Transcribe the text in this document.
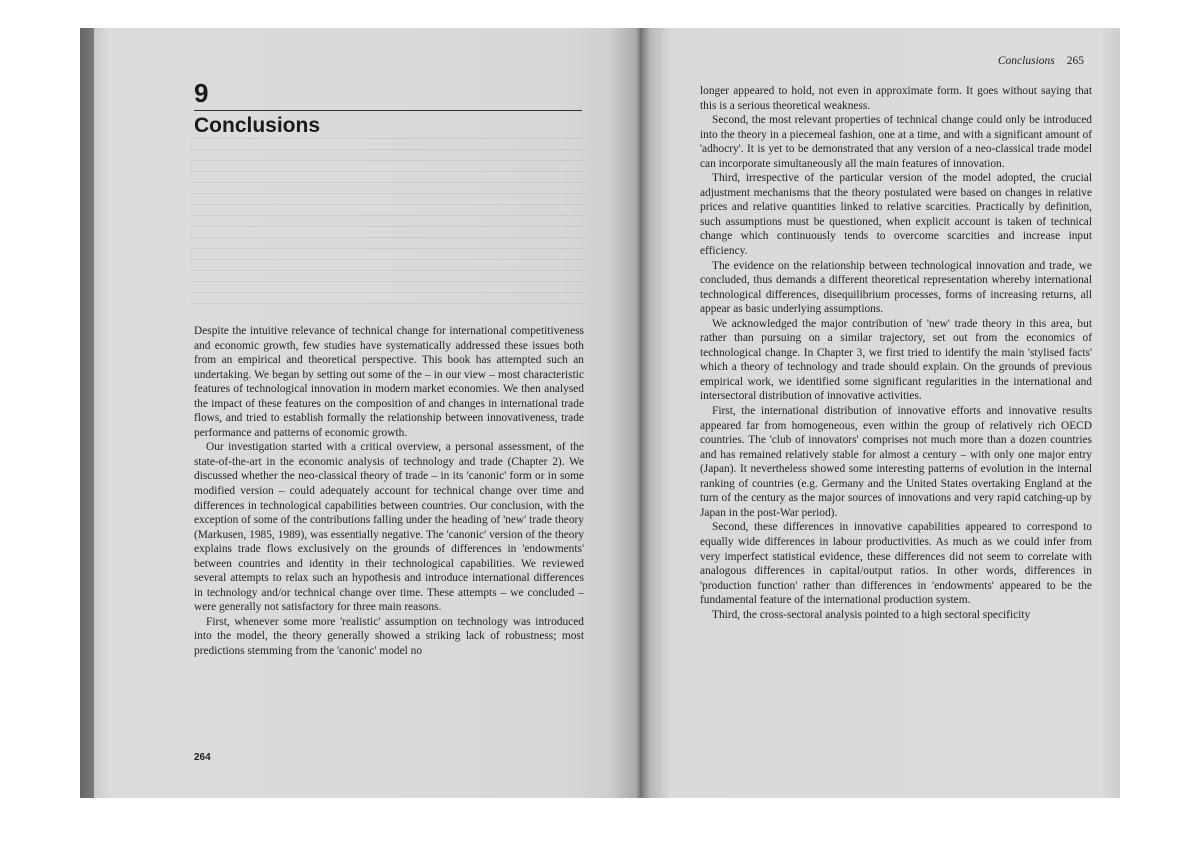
9
Conclusions

Despite the intuitive relevance of technical change for international competitiveness and economic growth, few studies have systematically addressed these issues both from an empirical and theoretical perspective. This book has attempted such an undertaking. We began by setting out some of the – in our view – most characteristic features of technological innovation in modern market economies. We then analysed the impact of these features on the composition of and changes in international trade flows, and tried to establish formally the relationship between innovativeness, trade performance and patterns of economic growth.

Our investigation started with a critical overview, a personal assessment, of the state-of-the-art in the economic analysis of technology and trade (Chapter 2). We discussed whether the neo-classical theory of trade – in its 'canonic' form or in some modified version – could adequately account for technical change over time and differences in technological capabilities between countries. Our conclusion, with the exception of some of the contributions falling under the heading of 'new' trade theory (Markusen, 1985, 1989), was essentially negative. The 'canonic' version of the theory explains trade flows exclusively on the grounds of differences in 'endowments' between countries and identity in their technological capabilities. We reviewed several attempts to relax such an hypothesis and introduce international differences in technology and/or technical change over time. These attempts – we concluded – were generally not satisfactory for three main reasons.

First, whenever some more 'realistic' assumption on technology was introduced into the model, the theory generally showed a striking lack of robustness; most predictions stemming from the 'canonic' model no

264
Conclusions 265

longer appeared to hold, not even in approximate form. It goes without saying that this is a serious theoretical weakness.

Second, the most relevant properties of technical change could only be introduced into the theory in a piecemeal fashion, one at a time, and with a significant amount of 'adhocry'. It is yet to be demonstrated that any version of a neo-classical trade model can incorporate simultaneously all the main features of innovation.

Third, irrespective of the particular version of the model adopted, the crucial adjustment mechanisms that the theory postulated were based on changes in relative prices and relative quantities linked to relative scarcities. Practically by definition, such assumptions must be questioned, when explicit account is taken of technical change which continuously tends to overcome scarcities and increase input efficiency.

The evidence on the relationship between technological innovation and trade, we concluded, thus demands a different theoretical representation whereby international technological differences, disequilibrium processes, forms of increasing returns, all appear as basic underlying assumptions.

We acknowledged the major contribution of 'new' trade theory in this area, but rather than pursuing on a similar trajectory, set out from the economics of technological change. In Chapter 3, we first tried to identify the main 'stylised facts' which a theory of technology and trade should explain. On the grounds of previous empirical work, we identified some significant regularities in the international and intersectoral distribution of innovative activities.

First, the international distribution of innovative efforts and innovative results appeared far from homogeneous, even within the group of relatively rich OECD countries. The 'club of innovators' comprises not much more than a dozen countries and has remained relatively stable for almost a century – with only one major entry (Japan). It nevertheless showed some interesting patterns of evolution in the internal ranking of countries (e.g. Germany and the United States overtaking England at the turn of the century as the major sources of innovations and very rapid catching-up by Japan in the post-War period).

Second, these differences in innovative capabilities appeared to correspond to equally wide differences in labour productivities. As much as we could infer from very imperfect statistical evidence, these differences did not seem to correlate with analogous differences in capital/output ratios. In other words, differences in 'production function' rather than differences in 'endowments' appeared to be the fundamental feature of the international production system.

Third, the cross-sectoral analysis pointed to a high sectoral specificity
